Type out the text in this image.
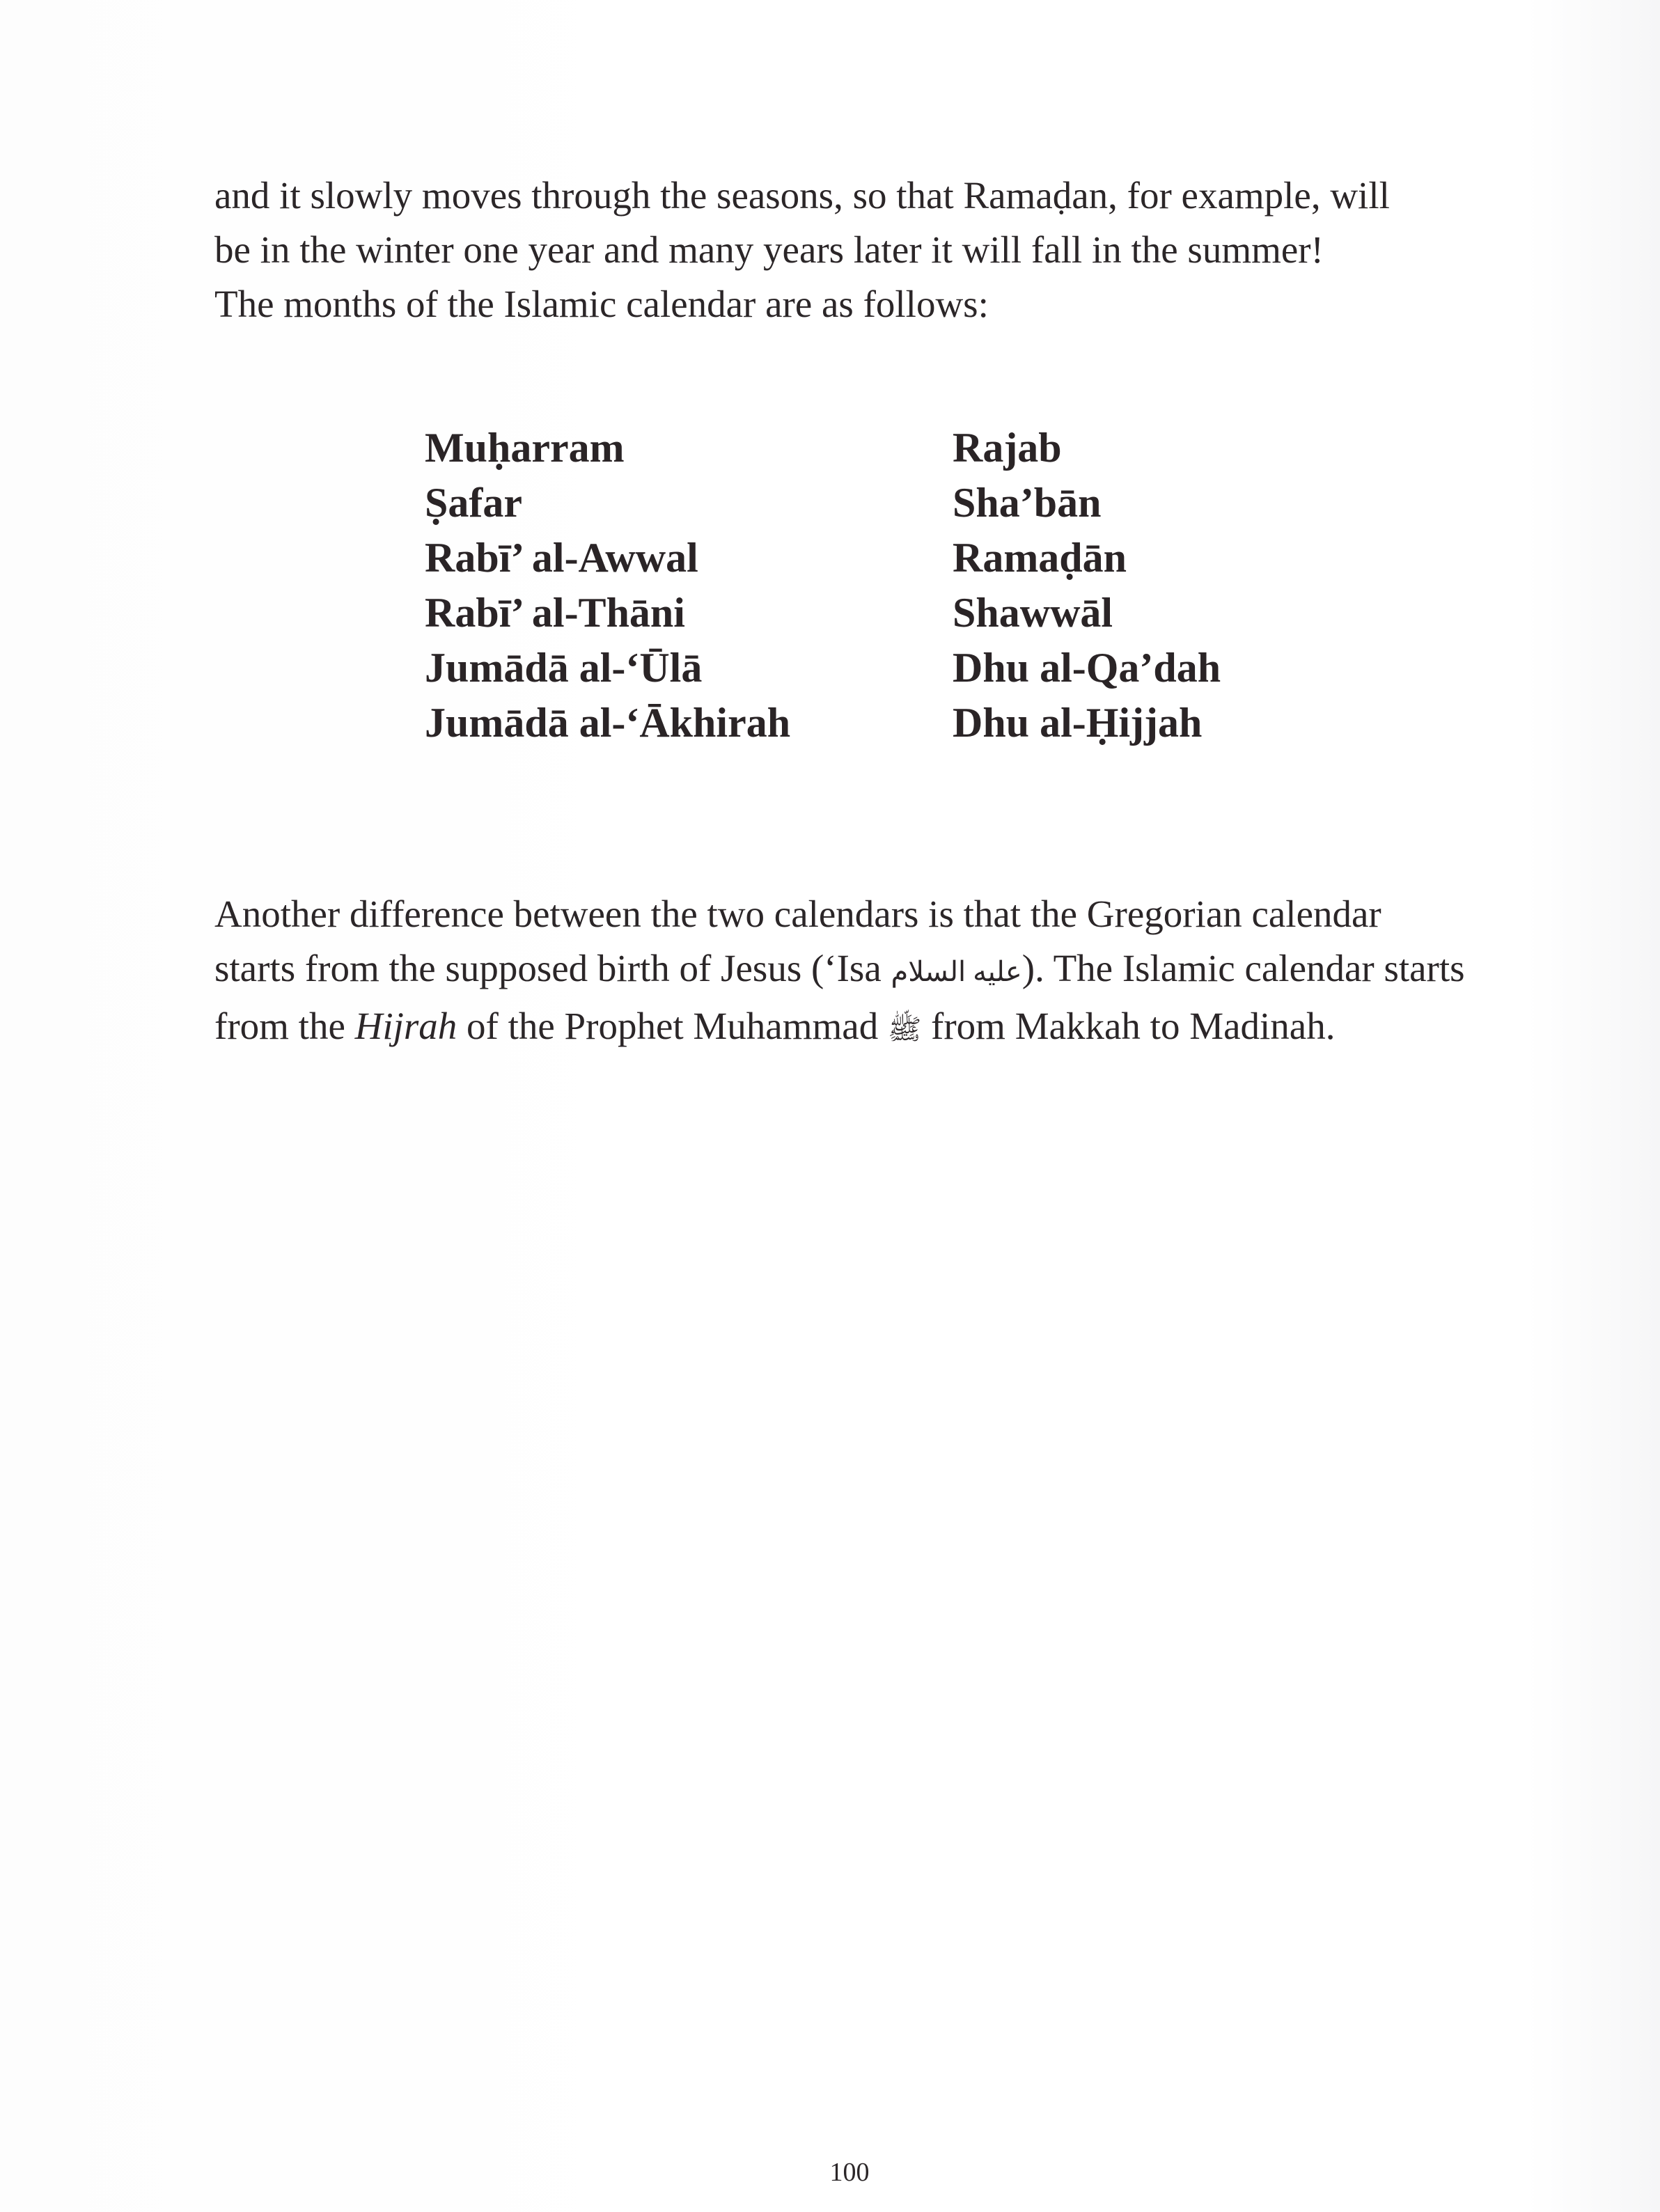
and it slowly moves through the seasons, so that Ramaḍan, for example, will
be in the winter one year and many years later it will fall in the summer!
The months of the Islamic calendar are as follows:

Muḥarram
Ṣafar
Rabī’ al-Awwal
Rabī’ al-Thāni
Jumādā al-‘Ūlā
Jumādā al-‘Ākhirah
Rajab
Sha’bān
Ramaḍān
Shawwāl
Dhu al-Qa’dah
Dhu al-Ḥijjah

Another difference between the two calendars is that the Gregorian calendar
starts from the supposed birth of Jesus (‘Isa عليه السلام). The Islamic calendar starts
from the Hijrah of the Prophet Muhammad ﷺ from Makkah to Madinah.

100
